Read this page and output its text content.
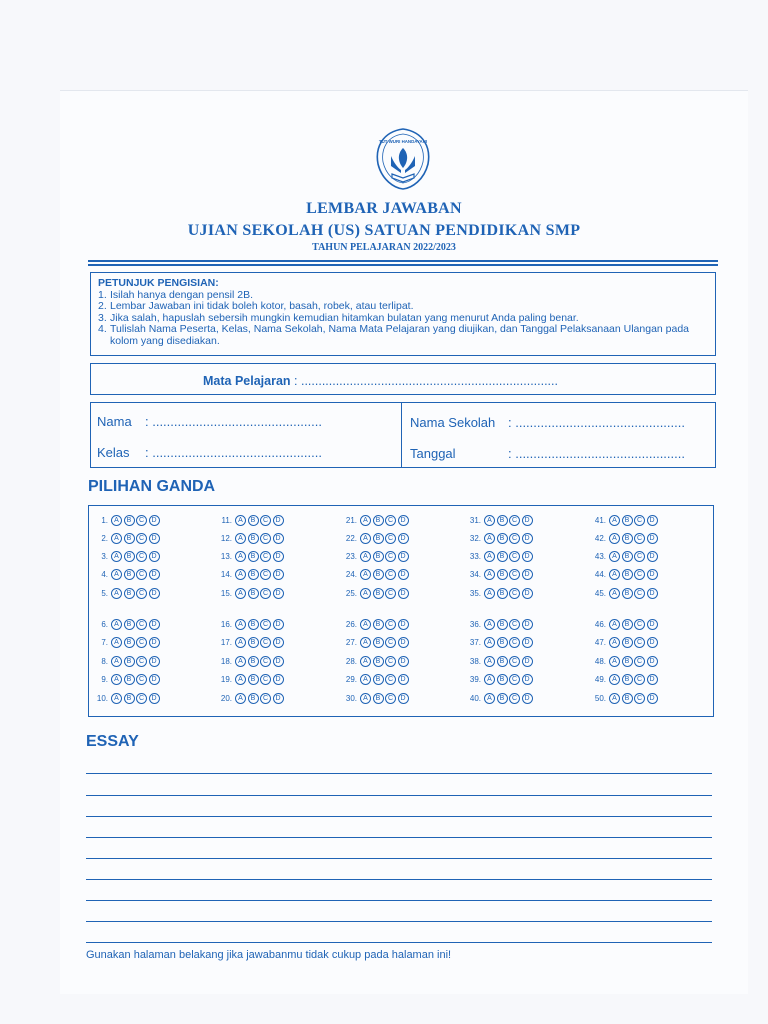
TUT WURI HANDAYANI
LEMBAR JAWABAN
UJIAN SEKOLAH (US) SATUAN PENDIDIKAN SMP
TAHUN PELAJARAN 2022/2023
PETUNJUK PENGISIAN:
1. Isilah hanya dengan pensil 2B.
2. Lembar Jawaban ini tidak boleh kotor, basah, robek, atau terlipat.
3. Jika salah, hapuslah sebersih mungkin kemudian hitamkan bulatan yang menurut Anda paling benar.
4. Tulislah Nama Peserta, Kelas, Nama Sekolah, Nama Mata Pelajaran yang diujikan, dan Tanggal Pelaksanaan Ulangan pada kolom yang disediakan.
Mata Pelajaran : ..........................................................................
Nama : ...............................................
Kelas : ...............................................
Nama Sekolah : ...............................................
Tanggal	: ...............................................
PILIHAN GANDA
1. A	B	C	D
2. A	B	C	D
3. A	B	C	D
4. A	B	C	D
5. A	B	C	D
6. A	B	C	D
7. A	B	C	D
8. A	B	C	D
9. A	B	C	D
10. A	B	C	D
11. A	B	C	D
12. A	B	C	D
13. A	B	C	D
14. A	B	C	D
15. A	B	C	D
16. A	B	C	D
17. A	B	C	D
18. A	B	C	D
19. A	B	C	D
20. A	B	C	D
21. A	B	C	D
22. A	B	C	D
23. A	B	C	D
24. A	B	C	D
25. A	B	C	D
26. A	B	C	D
27. A	B	C	D
28. A	B	C	D
29. A	B	C	D
30. A	B	C	D
31. A	B	C	D
32. A	B	C	D
33. A	B	C	D
34. A	B	C	D
35. A	B	C	D
36. A	B	C	D
37. A	B	C	D
38. A	B	C	D
39. A	B	C	D
40. A	B	C	D
41. A	B	C	D
42. A	B	C	D
43. A	B	C	D
44. A	B	C	D
45. A	B	C	D
46. A	B	C	D
47. A	B	C	D
48. A	B	C	D
49. A	B	C	D
50. A	B	C	D
ESSAY
Gunakan halaman belakang jika jawabanmu tidak cukup pada halaman ini!
